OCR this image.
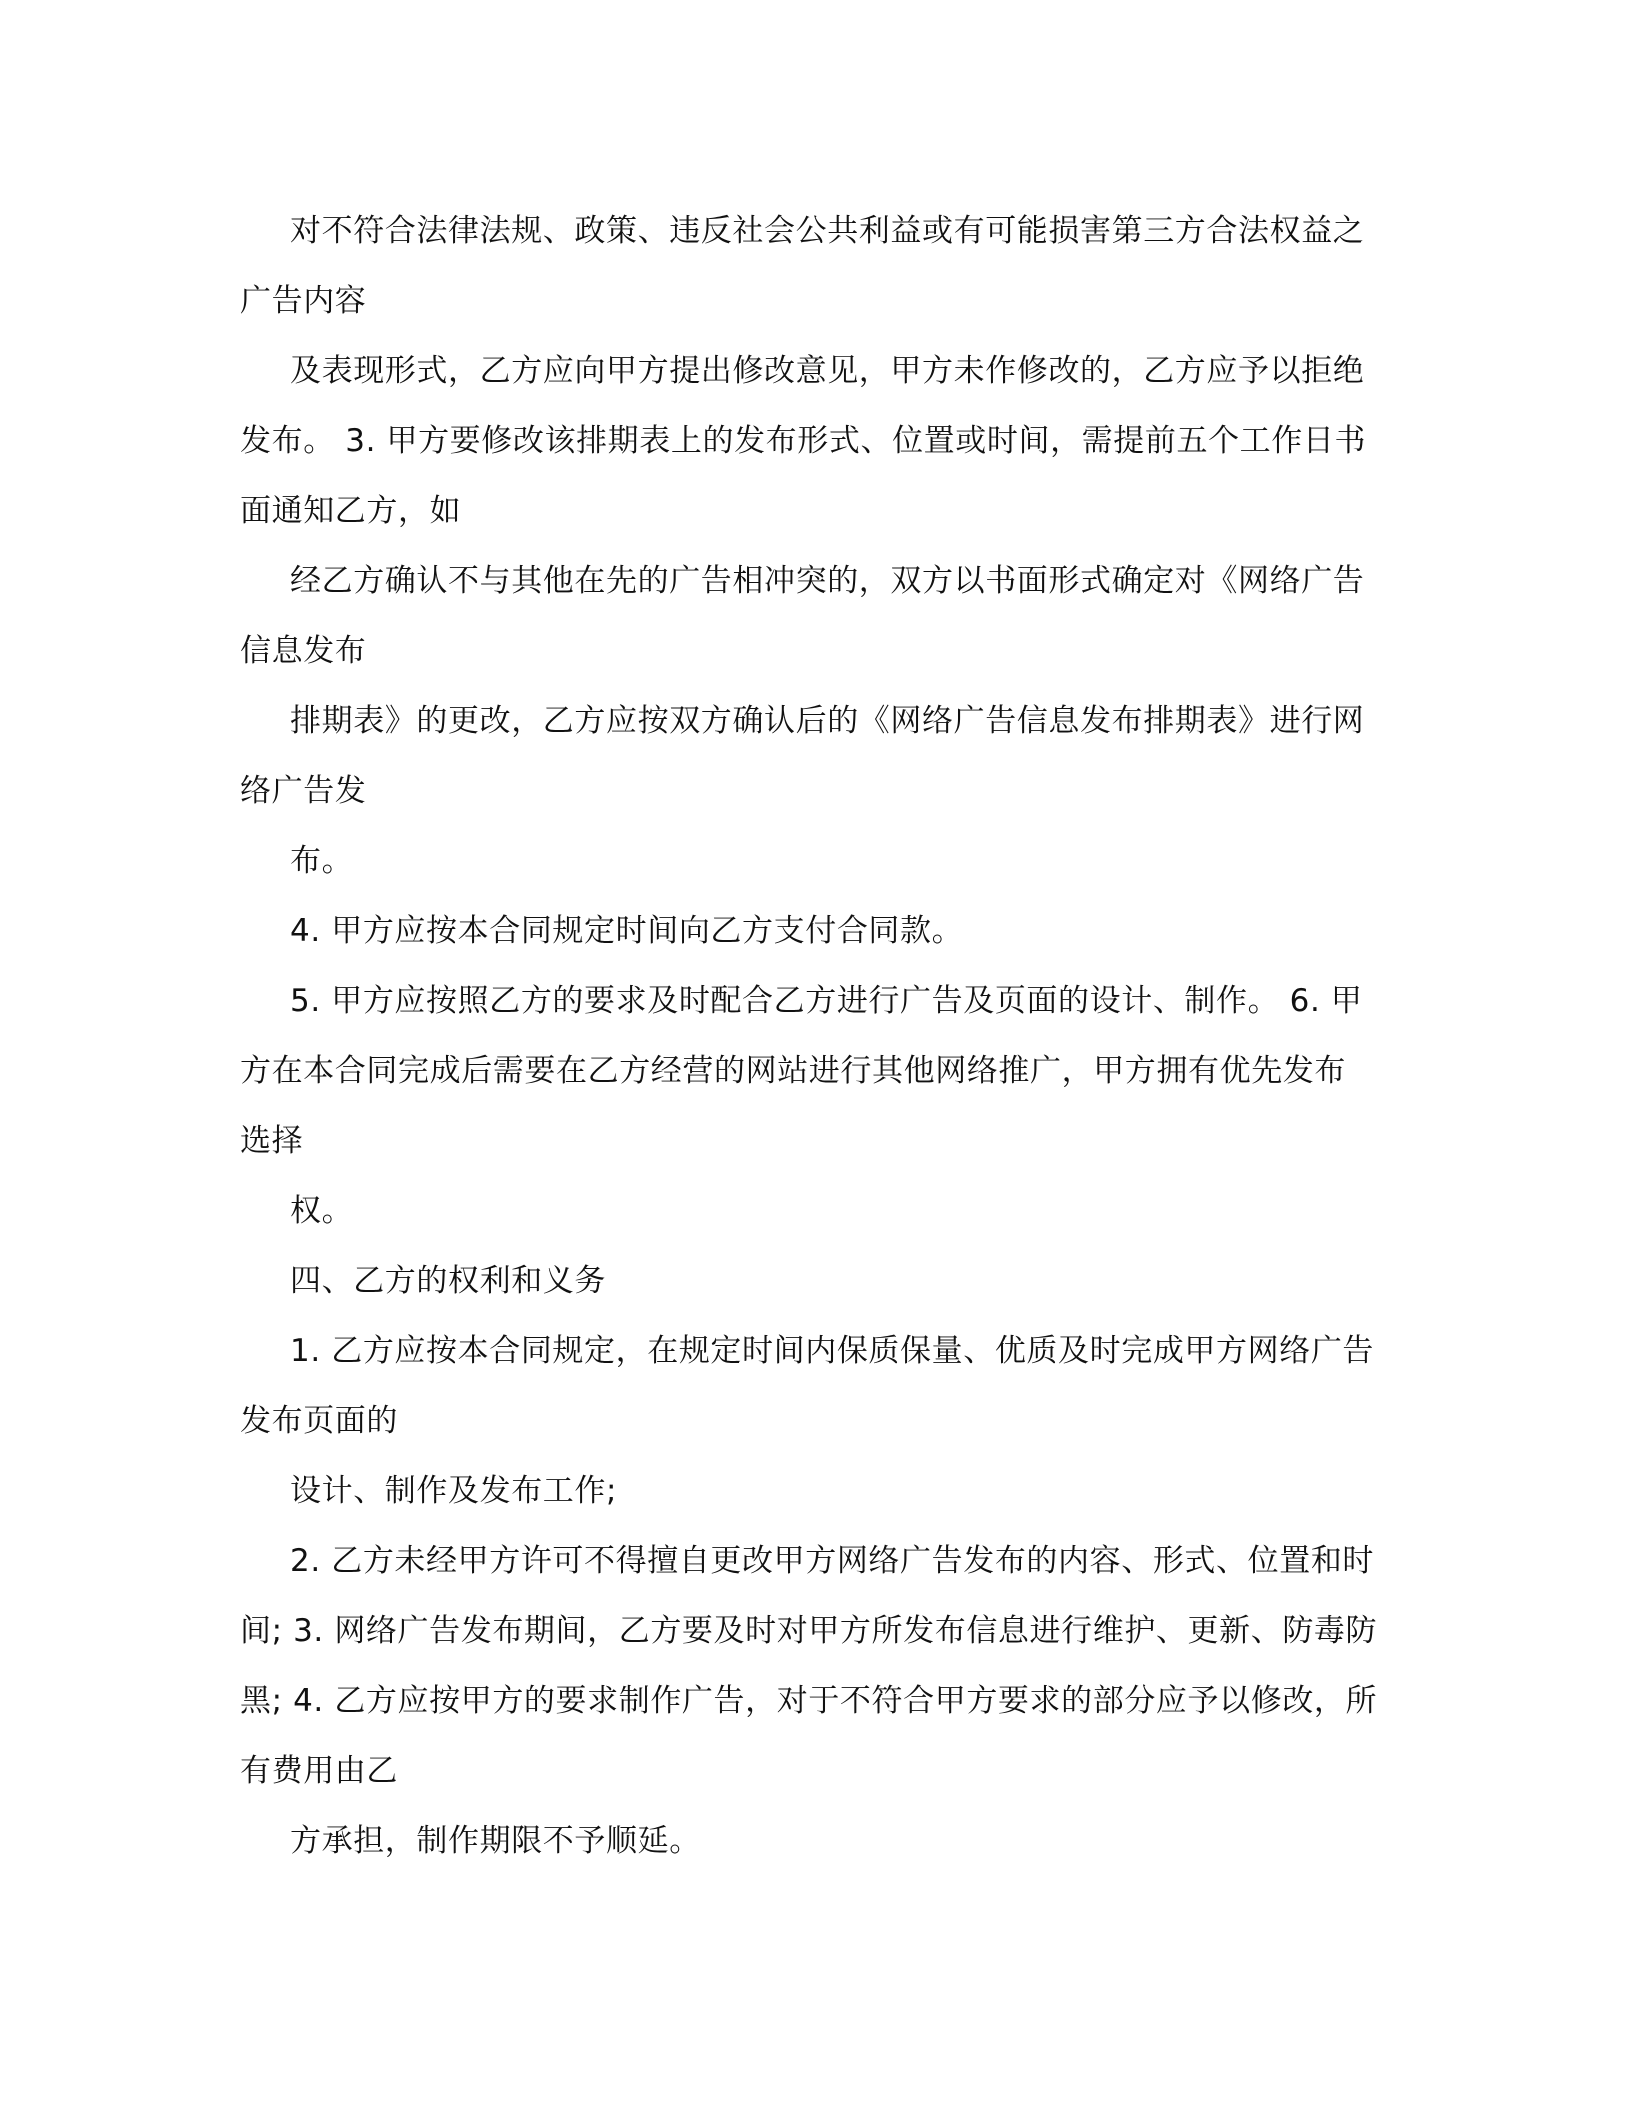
对不符合法律法规、政策、违反社会公共利益或有可能损害第三方合法权益之
广告内容
及表现形式，乙方应向甲方提出修改意见，甲方未作修改的，乙方应予以拒绝
发布。 3. 甲方要修改该排期表上的发布形式、位置或时间，需提前五个工作日书
面通知乙方，如
经乙方确认不与其他在先的广告相冲突的，双方以书面形式确定对《网络广告
信息发布
排期表》的更改，乙方应按双方确认后的《网络广告信息发布排期表》进行网
络广告发
布。
4. 甲方应按本合同规定时间向乙方支付合同款。
5. 甲方应按照乙方的要求及时配合乙方进行广告及页面的设计、制作。 6. 甲
方在本合同完成后需要在乙方经营的网站进行其他网络推广，甲方拥有优先发布
选择
权。
四、乙方的权利和义务
1. 乙方应按本合同规定，在规定时间内保质保量、优质及时完成甲方网络广告
发布页面的
设计、制作及发布工作;
2. 乙方未经甲方许可不得擅自更改甲方网络广告发布的内容、形式、位置和时
间; 3. 网络广告发布期间，乙方要及时对甲方所发布信息进行维护、更新、防毒防
黑; 4. 乙方应按甲方的要求制作广告，对于不符合甲方要求的部分应予以修改，所
有费用由乙
方承担，制作期限不予顺延。
